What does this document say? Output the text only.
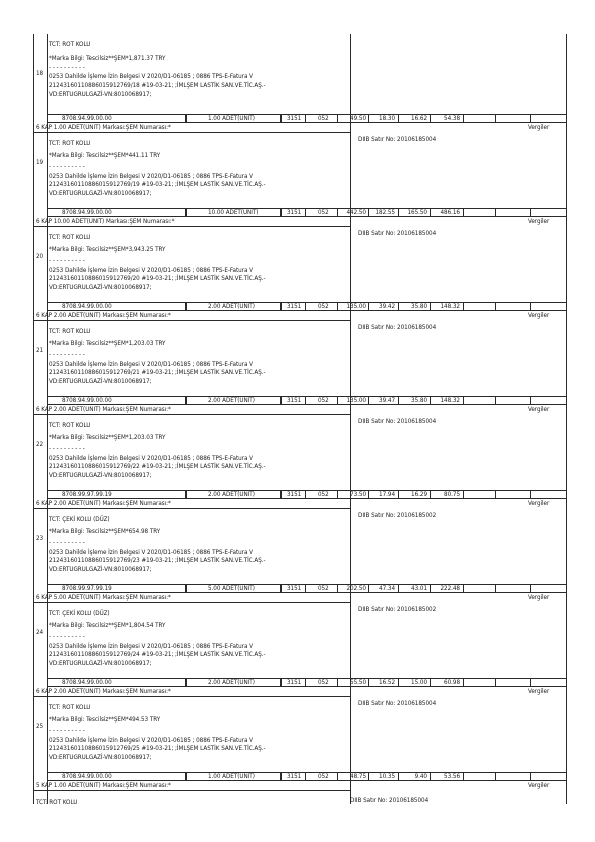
18
TCT: ROT KOLU
*Marka Bilgi: Tescilsiz**ŞEM*1,871.37 TRY
- - - - - - - - - -
0253 Dahilde İşleme İzin Belgesi V 2020/D1-06185 ; 0886 TPS-E-Fatura V
21243160110886015912769/18 #19-03-21; ;İMLŞEM LASTİK SAN.VE.TİC.AŞ.-
VD:ERTUGRULGAZİ-VN:8010068917;
8708.94.99.00.00	1.00 ADET(UNIT)	3151	052	49.50	18.30	16.62	54.38
Vergiler
6 KAP 1.00 ADET(UNIT) Markası:ŞEM Numarası:*
19
TCT: ROT KOLU
*Marka Bilgi: Tescilsiz**ŞEM*441.11 TRY
- - - - - - - - - -
0253 Dahilde İşleme İzin Belgesi V 2020/D1-06185 ; 0886 TPS-E-Fatura V
21243160110886015912769/19 #19-03-21; ;İMLŞEM LASTİK SAN.VE.TİC.AŞ.-
VD:ERTUGRULGAZİ-VN:8010068917;
DIIB Satır No: 20106185004
8708.94.99.00.00	10.00 ADET(UNIT)	3151	052	442.50	182.55	165.50	486.16
Vergiler
6 KAP 10.00 ADET(UNIT) Markası:ŞEM Numarası:*
20
TCT: ROT KOLU
*Marka Bilgi: Tescilsiz**ŞEM*3,943.25 TRY
- - - - - - - - - -
0253 Dahilde İşleme İzin Belgesi V 2020/D1-06185 ; 0886 TPS-E-Fatura V
21243160110886015912769/20 #19-03-21; ;İMLŞEM LASTİK SAN.VE.TİC.AŞ.-
VD:ERTUGRULGAZİ-VN:8010068917;
DIIB Satır No: 20106185004
8708.94.99.00.00	2.00 ADET(UNIT)	3151	052	135.00	39.42	35.80	148.32
Vergiler
6 KAP 2.00 ADET(UNIT) Markası:ŞEM Numarası:*
21
TCT: ROT KOLU
*Marka Bilgi: Tescilsiz**ŞEM*1,203.03 TRY
- - - - - - - - - -
0253 Dahilde İşleme İzin Belgesi V 2020/D1-06185 ; 0886 TPS-E-Fatura V
21243160110886015912769/21 #19-03-21; ;İMLŞEM LASTİK SAN.VE.TİC.AŞ.-
VD:ERTUGRULGAZİ-VN:8010068917;
DIIB Satır No: 20106185004
8708.94.99.00.00	2.00 ADET(UNIT)	3151	052	135.00	39.47	35.80	148.32
Vergiler
6 KAP 2.00 ADET(UNIT) Markası:ŞEM Numarası:*
22
TCT: ROT KOLU
*Marka Bilgi: Tescilsiz**ŞEM*1,203.03 TRY
- - - - - - - - - -
0253 Dahilde İşleme İzin Belgesi V 2020/D1-06185 ; 0886 TPS-E-Fatura V
21243160110886015912769/22 #19-03-21; ;İMLŞEM LASTİK SAN.VE.TİC.AŞ.-
VD:ERTUGRULGAZİ-VN:8010068917;
DIIB Satır No: 20106185004
8708.99.97.99.19	2.00 ADET(UNIT)	3151	052	73.50	17.94	16.29	80.75
Vergiler
6 KAP 2.00 ADET(UNIT) Markası:ŞEM Numarası:*
23
TCT: ÇEKİ KOLU (DÜZ)
*Marka Bilgi: Tescilsiz**ŞEM*654.98 TRY
- - - - - - - - - -
0253 Dahilde İşleme İzin Belgesi V 2020/D1-06185 ; 0886 TPS-E-Fatura V
21243160110886015912769/23 #19-03-21; ;İMLŞEM LASTİK SAN.VE.TİC.AŞ.-
VD:ERTUGRULGAZİ-VN:8010068917;
DIIB Satır No: 20106185002
8708.99.97.99.19	5.00 ADET(UNIT)	3151	052	202.50	47.34	43.01	222.48
Vergiler
6 KAP 5.00 ADET(UNIT) Markası:ŞEM Numarası:*
24
TCT: ÇEKİ KOLU (DÜZ)
*Marka Bilgi: Tescilsiz**ŞEM*1,804.54 TRY
- - - - - - - - - -
0253 Dahilde İşleme İzin Belgesi V 2020/D1-06185 ; 0886 TPS-E-Fatura V
21243160110886015912769/24 #19-03-21; ;İMLŞEM LASTİK SAN.VE.TİC.AŞ.-
VD:ERTUGRULGAZİ-VN:8010068917;
DIIB Satır No: 20106185002
8708.94.99.00.00	2.00 ADET(UNIT)	3151	052	55.50	16.52	15.00	60.98
Vergiler
6 KAP 2.00 ADET(UNIT) Markası:ŞEM Numarası:*
25
TCT: ROT KOLU
*Marka Bilgi: Tescilsiz**ŞEM*494.53 TRY
- - - - - - - - - -
0253 Dahilde İşleme İzin Belgesi V 2020/D1-06185 ; 0886 TPS-E-Fatura V
21243160110886015912769/25 #19-03-21; ;İMLŞEM LASTİK SAN.VE.TİC.AŞ.-
VD:ERTUGRULGAZİ-VN:8010068917;
DIIB Satır No: 20106185004
8708.94.99.00.00	1.00 ADET(UNIT)	3151	052	48.75	10.35	9.40	53.56
Vergiler
5 KAP 1.00 ADET(UNIT) Markası:ŞEM Numarası:*
TCT: ROT KOLU	DIIB Satır No: 20106185004
